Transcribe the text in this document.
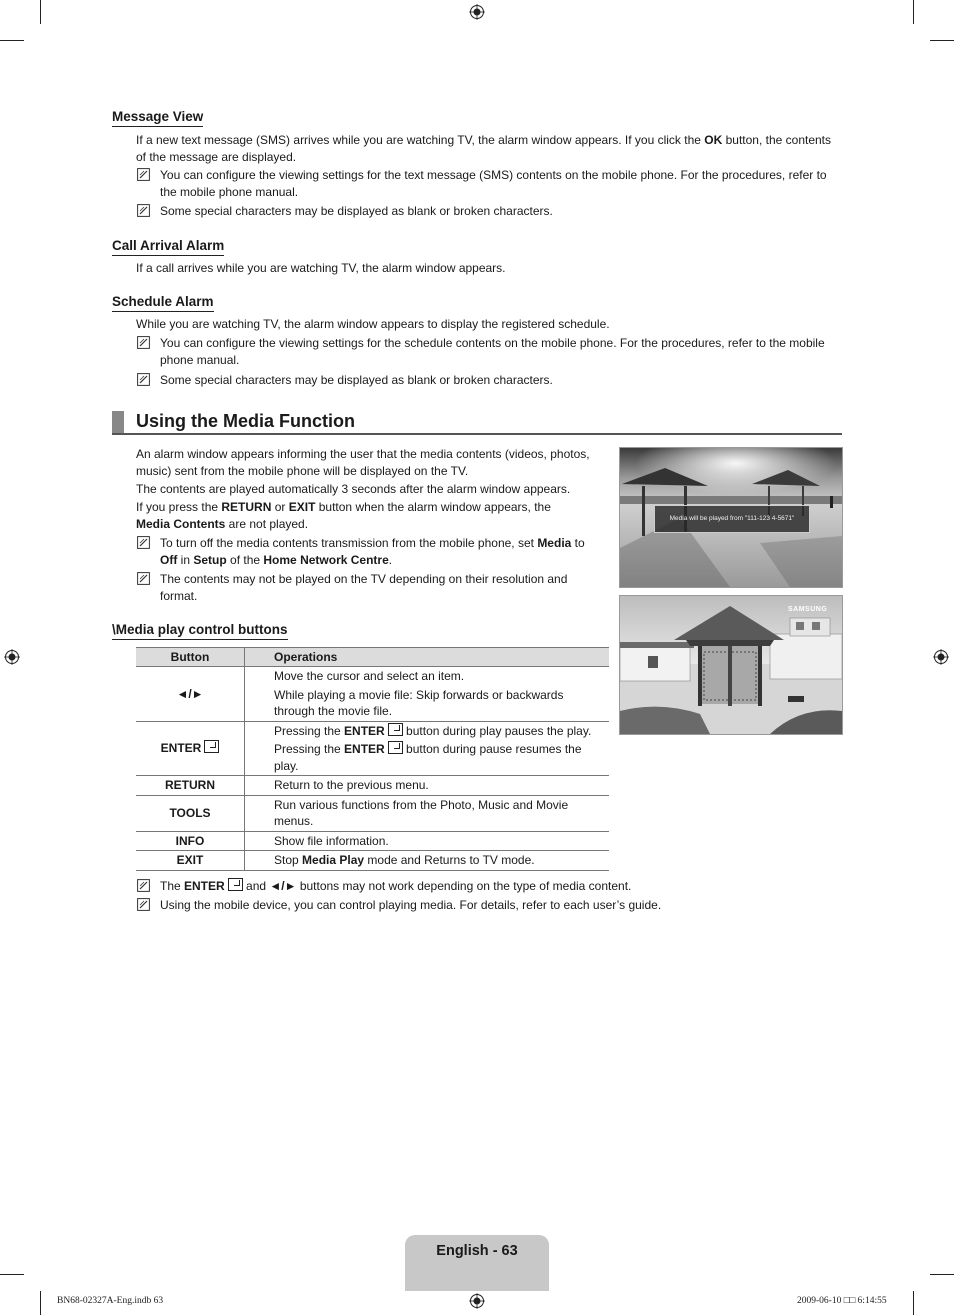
Message View
If a new text message (SMS) arrives while you are watching TV, the alarm window appears. If you click the OK button, the contents of the message are displayed.
You can configure the viewing settings for the text message (SMS) contents on the mobile phone. For the procedures, refer to the mobile phone manual.
Some special characters may be displayed as blank or broken characters.
Call Arrival Alarm
If a call arrives while you are watching TV, the alarm window appears.
Schedule Alarm
While you are watching TV, the alarm window appears to display the registered schedule.
You can configure the viewing settings for the schedule contents on the mobile phone. For the procedures, refer to the mobile phone manual.
Some special characters may be displayed as blank or broken characters.
Using the Media Function
An alarm window appears informing the user that the media contents (videos, photos, music) sent from the mobile phone will be displayed on the TV.
The contents are played automatically 3 seconds after the alarm window appears.
If you press the RETURN or EXIT button when the alarm window appears, the Media Contents are not played.
To turn off the media contents transmission from the mobile phone, set Media to Off in Setup of the Home Network Centre.
The contents may not be played on the TV depending on their resolution and format.
Media will be played from "111-123 4-5671"
SAMSUNG
\Media play control buttons
Button	Operations
◄/►	Move the cursor and select an item.
While playing a movie file: Skip forwards or backwards through the movie file.

ENTER	Pressing the ENTER button during play pauses the play.
Pressing the ENTER button during pause resumes the play.

RETURN	Return to the previous menu.
TOOLS	Run various functions from the Photo, Music and Movie menus.

INFO	Show file information.
EXIT	Stop Media Play mode and Returns to TV mode.
The ENTER and ◄/► buttons may not work depending on the type of media content.
Using the mobile device, you can control playing media. For details, refer to each user’s guide.
English - 63
BN68-02327A-Eng.indb 63	2009-06-10 □□ 6:14:55
